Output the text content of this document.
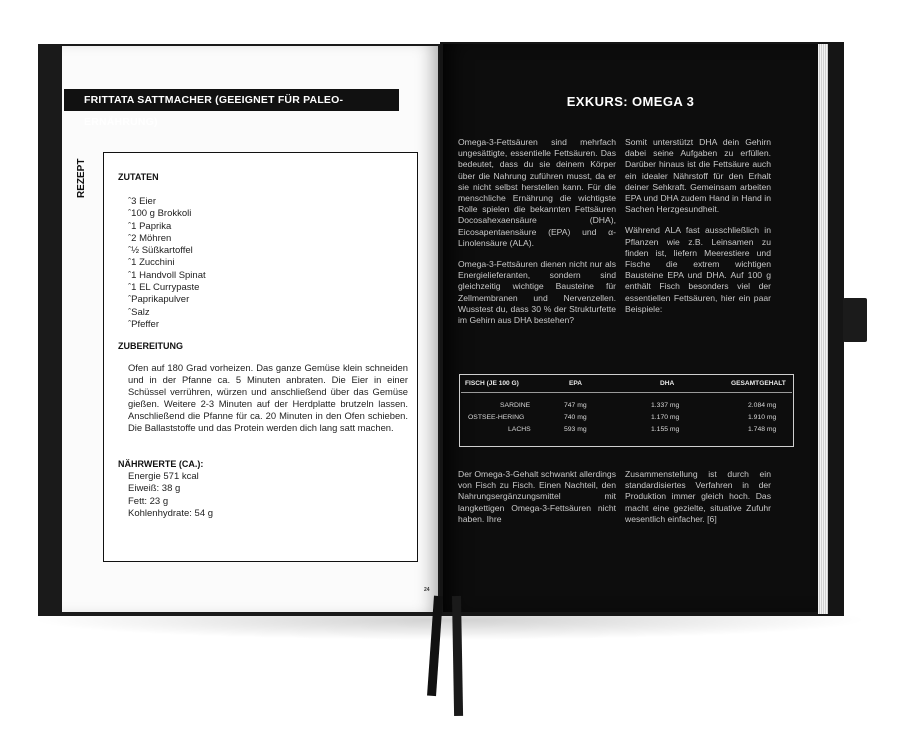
FRITTATA SATTMACHER (GEEIGNET FÜR PALEO-ERNÄHRUNG)
REZEPT	ZUTATEN
ˆ3 Eier
ˆ100 g Brokkoli
ˆ1 Paprika
ˆ2 Möhren
ˆ½ Süßkartoffel
ˆ1 Zucchini
ˆ1 Handvoll Spinat
ˆ1 EL Currypaste
ˆPaprikapulver
ˆSalz
ˆPfeffer
ZUBEREITUNG
Ofen auf 180 Grad vorheizen. Das ganze Gemüse klein schneiden und in der Pfanne ca. 5 Minuten anbraten. Die Eier in einer Schüssel verrühren, würzen und anschließend über das Gemüse gießen. Weitere 2-3 Minuten auf der Herdplatte brutzeln lassen. Anschließend die Pfanne für ca. 20 Minuten in den Ofen schieben. Die Ballaststoffe und das Protein werden dich lang satt machen.
NÄHRWERTE (CA.):
Energie 571 kcal
Eiweiß: 38 g
Fett: 23 g
Kohlenhydrate: 54 g
24
EXKURS: OMEGA 3

Omega-3-Fettsäuren sind mehrfach ungesättigte, essentielle Fettsäuren. Das bedeutet, dass du sie deinem Körper über die Nahrung zuführen musst, da er sie nicht selbst herstellen kann. Für die menschliche Ernährung die wichtigste Rolle spielen die bekannten Fettsäuren Docosahexaensäure (DHA), Eicosapentaensäure (EPA) und α-Linolensäure (ALA).

Omega-3-Fettsäuren dienen nicht nur als Energielieferanten, sondern sind gleichzeitig wichtige Bausteine für Zellmembranen und Nervenzellen. Wusstest du, dass 30 % der Strukturfette im Gehirn aus DHA bestehen?

Somit unterstützt DHA dein Gehirn dabei seine Aufgaben zu erfüllen. Darüber hinaus ist die Fettsäure auch ein idealer Nährstoff für den Erhalt deiner Sehkraft. Gemeinsam arbeiten EPA und DHA zudem Hand in Hand in Sachen Herzgesundheit.

Während ALA fast ausschließlich in Pflanzen wie z.B. Leinsamen zu finden ist, liefern Meerestiere und Fische die extrem wichtigen Bausteine EPA und DHA. Auf 100 g enthält Fisch besonders viel der essentiellen Fettsäuren, hier ein paar Beispiele:

FISCH (JE 100 G)	EPA	DHA	GESAMTGEHALT
SARDINE	747 mg	1.337 mg	2.084 mg
OSTSEE-HERING	740 mg	1.170 mg	1.910 mg
LACHS	593 mg	1.155 mg	1.748 mg

Der Omega-3-Gehalt schwankt allerdings von Fisch zu Fisch. Einen Nachteil, den Nahrungsergänzungsmittel mit langkettigen Omega-3-Fettsäuren nicht haben. Ihre

Zusammenstellung ist durch ein standardisiertes Verfahren in der Produktion immer gleich hoch. Das macht eine gezielte, situative Zufuhr wesentlich einfacher. [6]
